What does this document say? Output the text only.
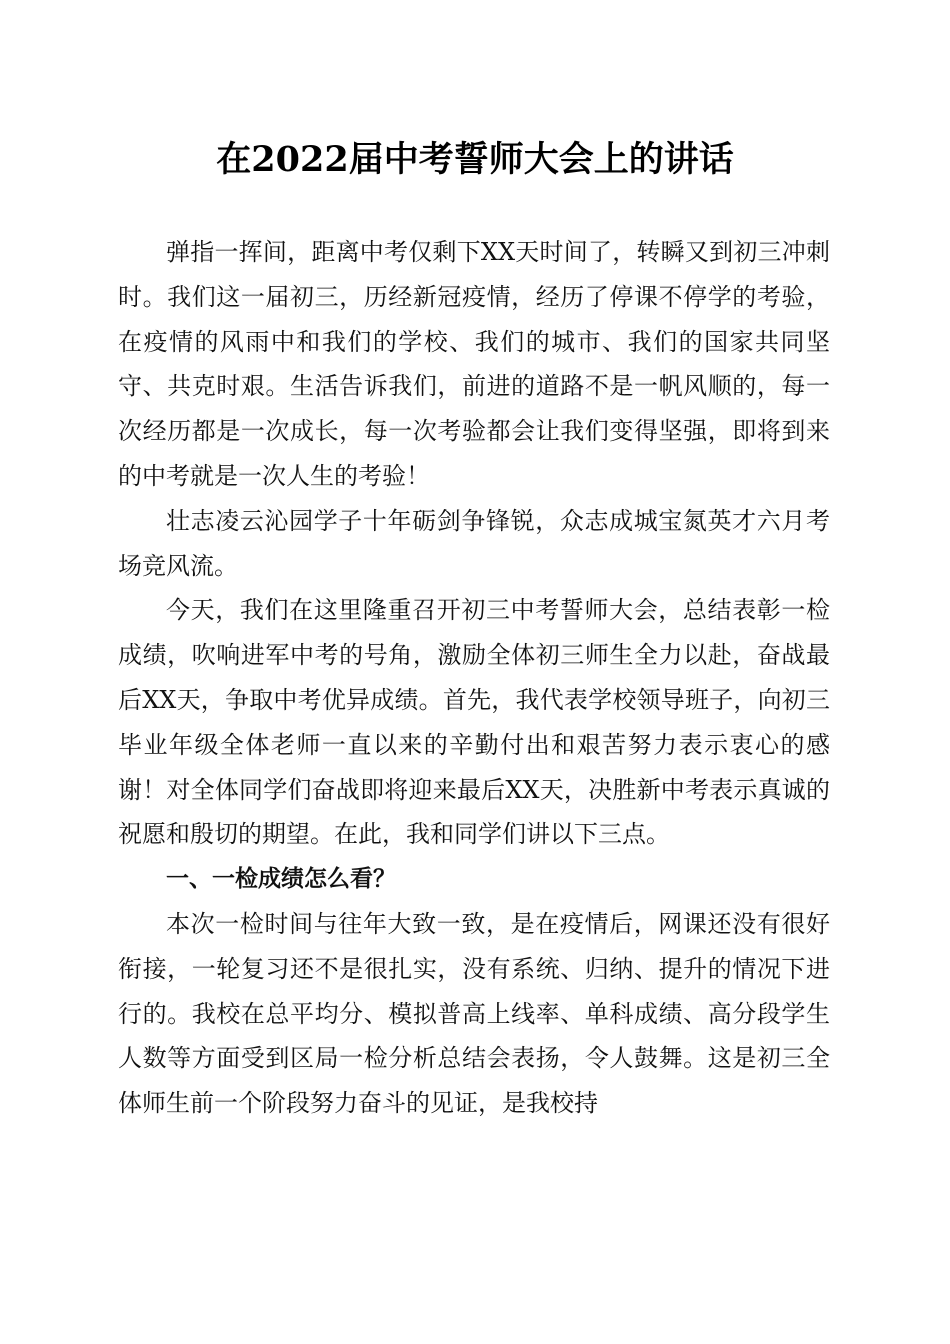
在2022届中考誓师大会上的讲话

弹指一挥间，距离中考仅剩下XX天时间了，转瞬又到初三冲刺时。我们这一届初三，历经新冠疫情，经历了停课不停学的考验，在疫情的风雨中和我们的学校、我们的城市、我们的国家共同坚守、共克时艰。生活告诉我们，前进的道路不是一帆风顺的，每一次经历都是一次成长，每一次考验都会让我们变得坚强，即将到来的中考就是一次人生的考验！

壮志凌云沁园学子十年砺剑争锋锐，众志成城宝氮英才六月考场竞风流。

今天，我们在这里隆重召开初三中考誓师大会，总结表彰一检成绩，吹响进军中考的号角，激励全体初三师生全力以赴，奋战最后XX天，争取中考优异成绩。首先，我代表学校领导班子，向初三毕业年级全体老师一直以来的辛勤付出和艰苦努力表示衷心的感谢！对全体同学们奋战即将迎来最后XX天，决胜新中考表示真诚的祝愿和殷切的期望。在此，我和同学们讲以下三点。

一、一检成绩怎么看？

本次一检时间与往年大致一致，是在疫情后，网课还没有很好衔接，一轮复习还不是很扎实，没有系统、归纳、提升的情况下进行的。我校在总平均分、模拟普高上线率、单科成绩、高分段学生人数等方面受到区局一检分析总结会表扬，令人鼓舞。这是初三全体师生前一个阶段努力奋斗的见证，是我校持
